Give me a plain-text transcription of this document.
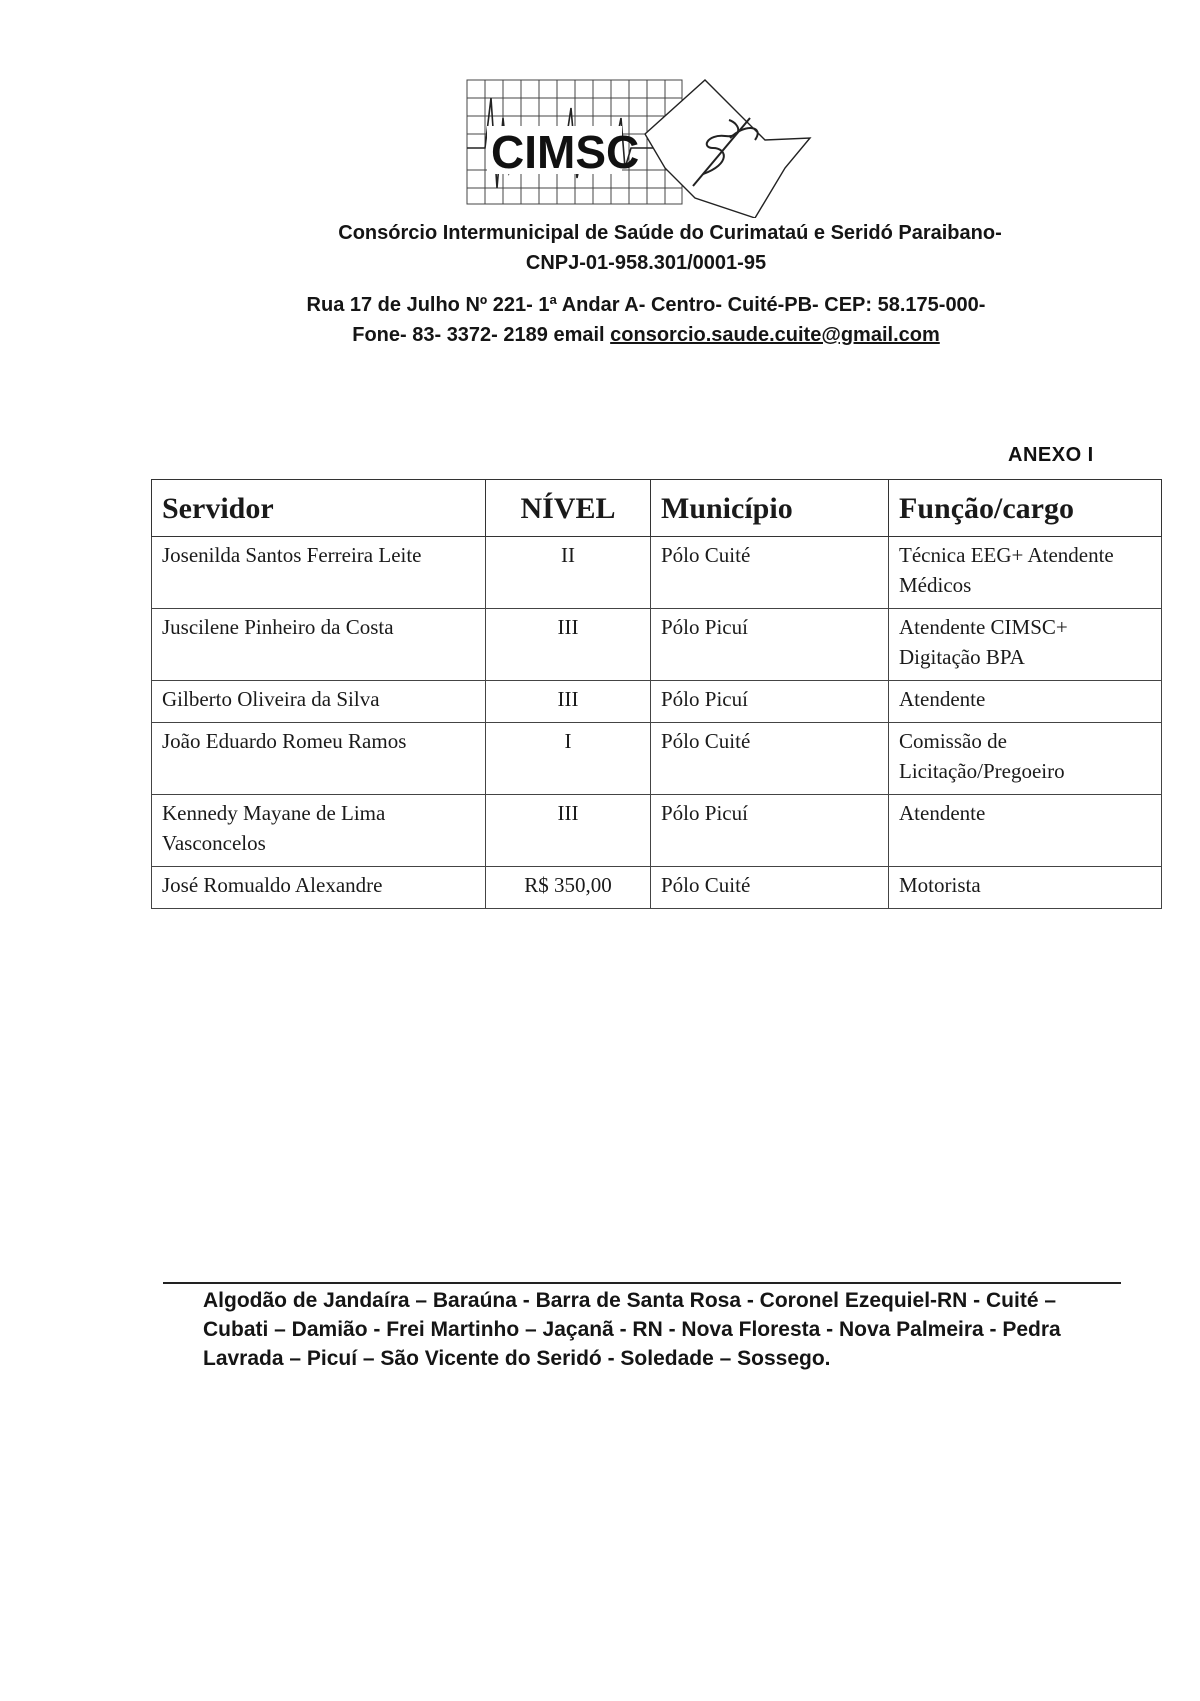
CIMSC
Consórcio Intermunicipal de Saúde do Curimataú e Seridó Paraibano-
CNPJ-01-958.301/0001-95
Rua 17 de Julho Nº 221- 1ª Andar A- Centro- Cuité-PB- CEP: 58.175-000-
Fone- 83- 3372- 2189 email consorcio.saude.cuite@gmail.com
ANEXO I
Servidor	NÍVEL	Município	Função/cargo
Josenilda Santos Ferreira Leite	II	Pólo Cuité	Técnica EEG+ Atendente Médicos
Juscilene Pinheiro da Costa	III	Pólo Picuí	Atendente CIMSC+ Digitação BPA
Gilberto Oliveira da Silva	III	Pólo Picuí	Atendente
João Eduardo Romeu Ramos	I	Pólo Cuité	Comissão de Licitação/Pregoeiro
Kennedy Mayane de Lima Vasconcelos	III	Pólo Picuí	Atendente
José Romualdo Alexandre	R$ 350,00	Pólo Cuité	Motorista
Algodão de Jandaíra – Baraúna - Barra de Santa Rosa - Coronel Ezequiel-RN - Cuité – Cubati – Damião - Frei Martinho – Jaçanã - RN - Nova Floresta - Nova Palmeira - Pedra Lavrada – Picuí – São Vicente do Seridó - Soledade – Sossego.
